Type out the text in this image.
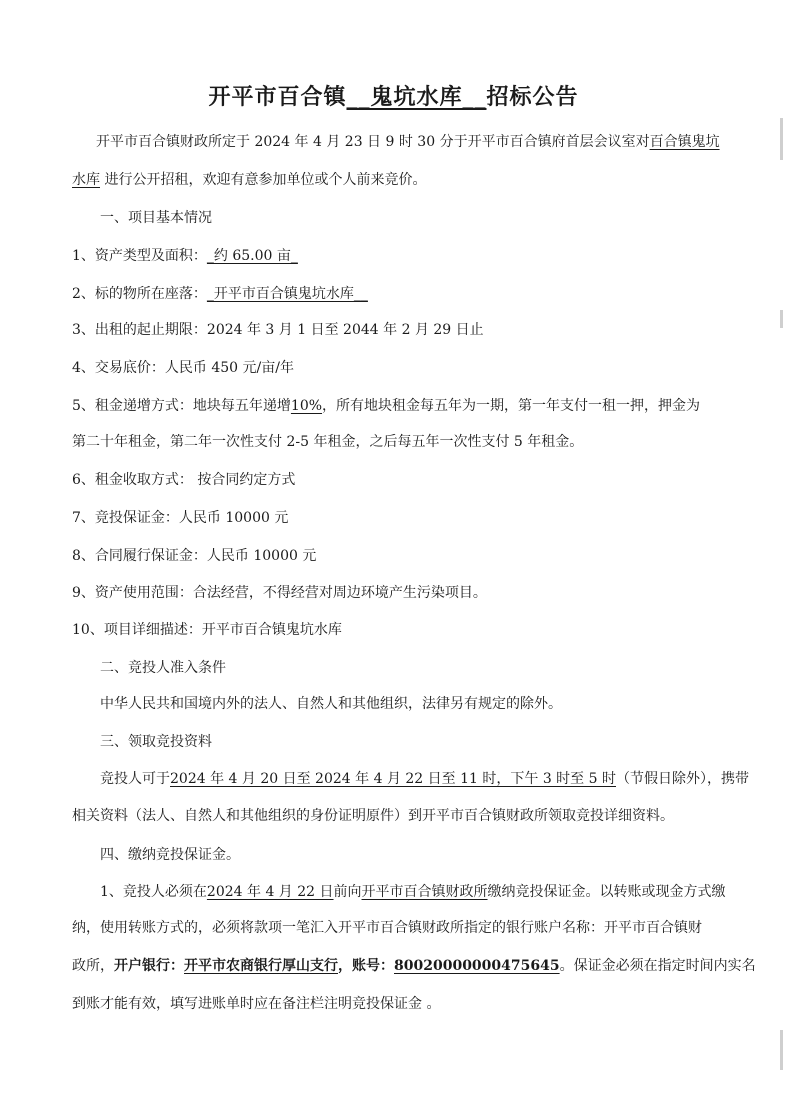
开平市百合镇__鬼坑水库__招标公告
开平市百合镇财政所定于 2024 年 4 月 23 日 9 时 30 分于开平市百合镇府首层会议室对百合镇鬼坑
水库 进行公开招租，欢迎有意参加单位或个人前来竞价。
一、项目基本情况
1、资产类型及面积：_约 65.00 亩_
2、标的物所在座落：_开平市百合镇鬼坑水库__
3、出租的起止期限：2024 年 3 月 1 日至 2044 年 2 月 29 日止
4、交易底价：人民币 450 元/亩/年
5、租金递增方式：地块每五年递增10%，所有地块租金每五年为一期，第一年支付一租一押，押金为
第二十年租金，第二年一次性支付 2-5 年租金，之后每五年一次性支付 5 年租金。
6、租金收取方式： 按合同约定方式
7、竞投保证金：人民币 10000 元
8、合同履行保证金：人民币 10000 元
9、资产使用范围：合法经营，不得经营对周边环境产生污染项目。
10、项目详细描述：开平市百合镇鬼坑水库
二、竞投人准入条件
中华人民共和国境内外的法人、自然人和其他组织，法律另有规定的除外。
三、领取竞投资料
竞投人可于2024 年 4 月 20 日至 2024 年 4 月 22 日至 11 时，下午 3 时至 5 时（节假日除外），携带
相关资料（法人、自然人和其他组织的身份证明原件）到开平市百合镇财政所领取竞投详细资料。
四、缴纳竞投保证金。
1、竞投人必须在2024 年 4 月 22 日前向开平市百合镇财政所缴纳竞投保证金。以转账或现金方式缴
纳，使用转账方式的，必须将款项一笔汇入开平市百合镇财政所指定的银行账户名称：开平市百合镇财
政所，开户银行：开平市农商银行厚山支行，账号：80020000000475645。保证金必须在指定时间内实名
到账才能有效，填写进账单时应在备注栏注明竞投保证金 。
